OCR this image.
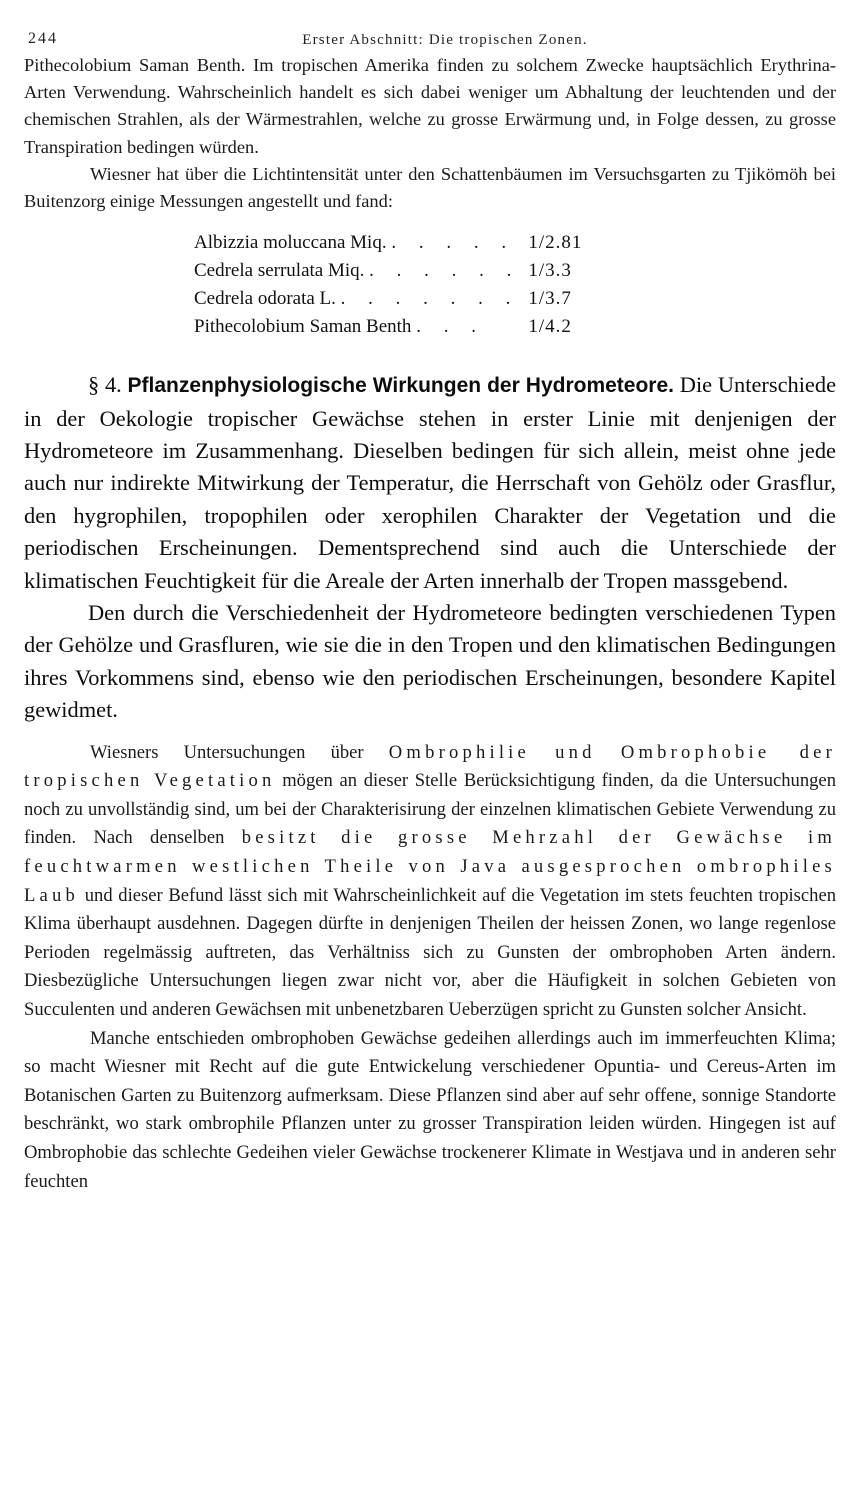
244	Erster Abschnitt: Die tropischen Zonen.

Pithecolobium Saman Benth. Im tropischen Amerika finden zu solchem Zwecke hauptsächlich Erythrina-Arten Verwendung. Wahrscheinlich handelt es sich dabei weniger um Abhaltung der leuchtenden und der chemischen Strahlen, als der Wärmestrahlen, welche zu grosse Erwärmung und, in Folge dessen, zu grosse Transpiration bedingen würden.

Wiesner hat über die Lichtintensität unter den Schattenbäumen im Versuchsgarten zu Tjikömöh bei Buitenzorg einige Messungen angestellt und fand:

Albizzia moluccana Miq. . . . . .	1/2.81
Cedrela serrulata Miq. . . . . . .	1/3.3
Cedrela odorata L. . . . . . . .	1/3.7
Pithecolobium Saman Benth . . .	1/4.2

§ 4. Pflanzenphysiologische Wirkungen der Hydrometeore. Die Unterschiede in der Oekologie tropischer Gewächse stehen in erster Linie mit denjenigen der Hydrometeore im Zusammenhang. Dieselben bedingen für sich allein, meist ohne jede auch nur indirekte Mitwirkung der Temperatur, die Herrschaft von Gehölz oder Grasflur, den hygrophilen, tropophilen oder xerophilen Charakter der Vegetation und die periodischen Erscheinungen. Dementsprechend sind auch die Unterschiede der klimatischen Feuchtigkeit für die Areale der Arten innerhalb der Tropen massgebend.

Den durch die Verschiedenheit der Hydrometeore bedingten verschiedenen Typen der Gehölze und Grasfluren, wie sie die in den Tropen und den klimatischen Bedingungen ihres Vorkommens sind, ebenso wie den periodischen Erscheinungen, besondere Kapitel gewidmet.

Wiesners Untersuchungen über Ombrophilie und Ombrophobie der tropischen Vegetation mögen an dieser Stelle Berücksichtigung finden, da die Untersuchungen noch zu unvollständig sind, um bei der Charakterisirung der einzelnen klimatischen Gebiete Verwendung zu finden. Nach denselben besitzt die grosse Mehrzahl der Gewächse im feuchtwarmen westlichen Theile von Java ausgesprochen ombrophiles Laub und dieser Befund lässt sich mit Wahrscheinlichkeit auf die Vegetation im stets feuchten tropischen Klima überhaupt ausdehnen. Dagegen dürfte in denjenigen Theilen der heissen Zonen, wo lange regenlose Perioden regelmässig auftreten, das Verhältniss sich zu Gunsten der ombrophoben Arten ändern. Diesbezügliche Untersuchungen liegen zwar nicht vor, aber die Häufigkeit in solchen Gebieten von Succulenten und anderen Gewächsen mit unbenetzbaren Ueberzügen spricht zu Gunsten solcher Ansicht.

Manche entschieden ombrophoben Gewächse gedeihen allerdings auch im immerfeuchten Klima; so macht Wiesner mit Recht auf die gute Entwickelung verschiedener Opuntia- und Cereus-Arten im Botanischen Garten zu Buitenzorg aufmerksam. Diese Pflanzen sind aber auf sehr offene, sonnige Standorte beschränkt, wo stark ombrophile Pflanzen unter zu grosser Transpiration leiden würden. Hingegen ist auf Ombrophobie das schlechte Gedeihen vieler Gewächse trockenerer Klimate in Westjava und in anderen sehr feuchten
